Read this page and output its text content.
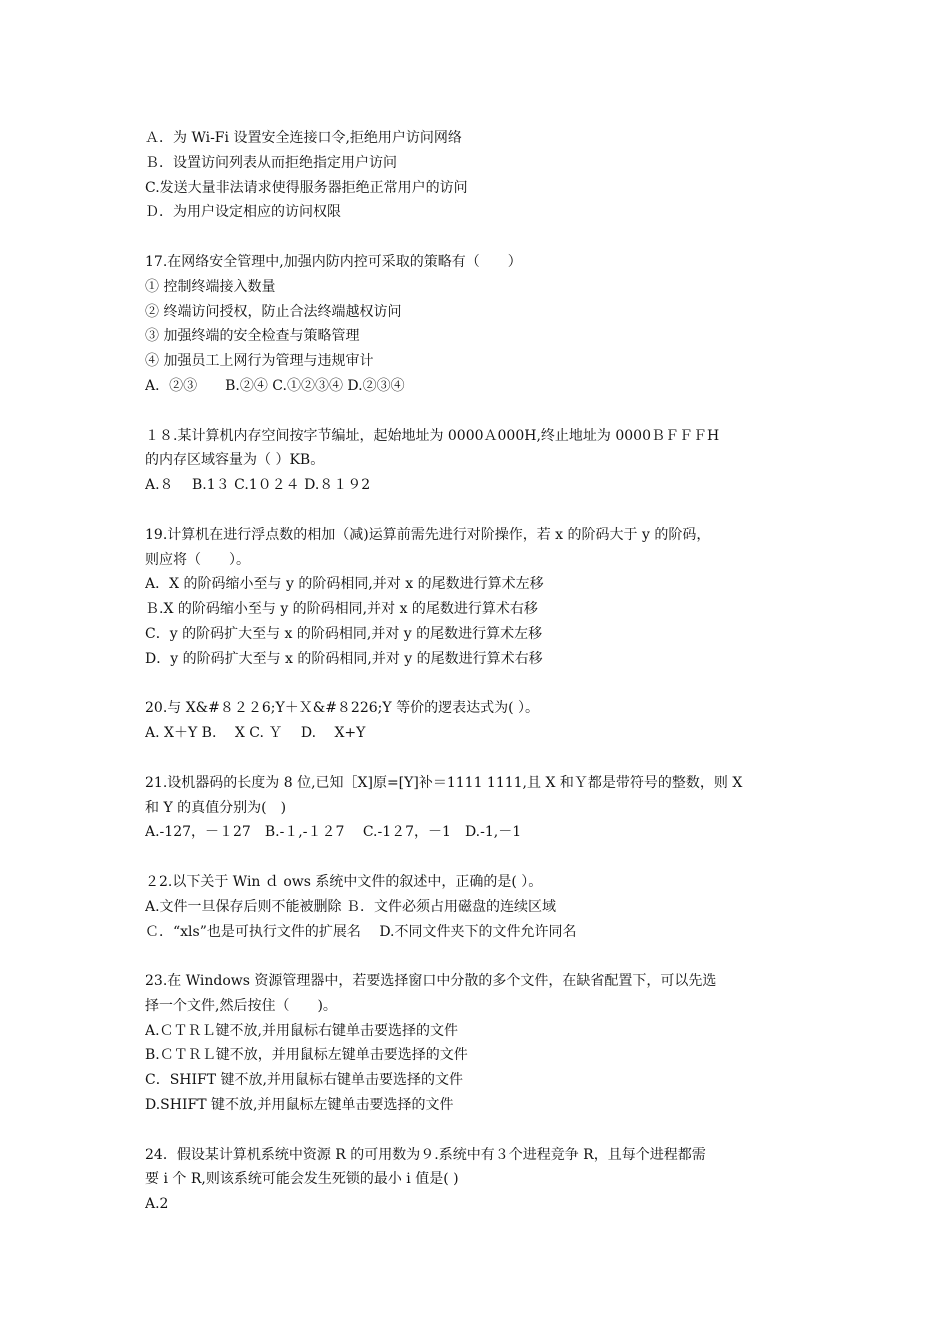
Ａ．为 Wi-Fi 设置安全连接口令,拒绝用户访问网络
Ｂ．设置访问列表从而拒绝指定用户访问
C.发送大量非法请求使得服务器拒绝正常用户的访问
Ｄ．为用户设定相应的访问权限
17.在网络安全管理中,加强内防内控可采取的策略有（　　）
① 控制终端接入数量
② 终端访问授权，防止合法终端越权访问
③ 加强终端的安全检查与策略管理
④ 加强员工上网行为管理与违规审计
A．②③　　B.②④ C.①②③④ D.②③④
１８.某计算机内存空间按字节编址，起始地址为 0000Ａ000H,终止地址为 0000ＢＦＦＦH
的内存区域容量为（ ）KB。
A.８　 B.1３ C.1０２４ D.８１９2
19.计算机在进行浮点数的相加（减)运算前需先进行对阶操作，若 x 的阶码大于 y 的阶码，
则应将（　　）。
A．X 的阶码缩小至与 y 的阶码相同,并对 x 的尾数进行算术左移
Ｂ.X 的阶码缩小至与 y 的阶码相同,并对 x 的尾数进行算术右移
C．y 的阶码扩大至与 x 的阶码相同,并对 y 的尾数进行算术左移
D．y 的阶码扩大至与 x 的阶码相同,并对 y 的尾数进行算术右移
20.与 X&#８２２6;Y＋Ｘ&#８226;Y 等价的逻表达式为( ）。
A. X＋Y B.　 X C. Ｙ　 D.　 X+Y
21.设机器码的长度为 8 位,已知［X]原=[Y]补＝1111 1111,且 X 和Ｙ都是带符号的整数，则 X
和 Y 的真值分别为(　)
A.-127，－１27　B.-１,-１２7　 C.-1２7，－1　D.-1,－1
２2.以下关于 Win ｄ ows 系统中文件的叙述中，正确的是( ）。
A.文件一旦保存后则不能被删除 Ｂ．文件必须占用磁盘的连续区域
Ｃ．“xls”也是可执行文件的扩展名　 D.不同文件夹下的文件允许同名
23.在 Windows 资源管理器中，若要选择窗口中分散的多个文件，在缺省配置下，可以先选
择一个文件,然后按住（　　)。
A.ＣＴＲＬ键不放,并用鼠标右键单击要选择的文件
B.ＣＴＲＬ键不放，并用鼠标左键单击要选择的文件
C．SHIFT 键不放,并用鼠标右键单击要选择的文件
D.SHIFT 键不放,并用鼠标左键单击要选择的文件
24．假设某计算机系统中资源 R 的可用数为９.系统中有３个进程竞争 R，且每个进程都需
要 i 个 R,则该系统可能会发生死锁的最小 i 值是( )
A.2
